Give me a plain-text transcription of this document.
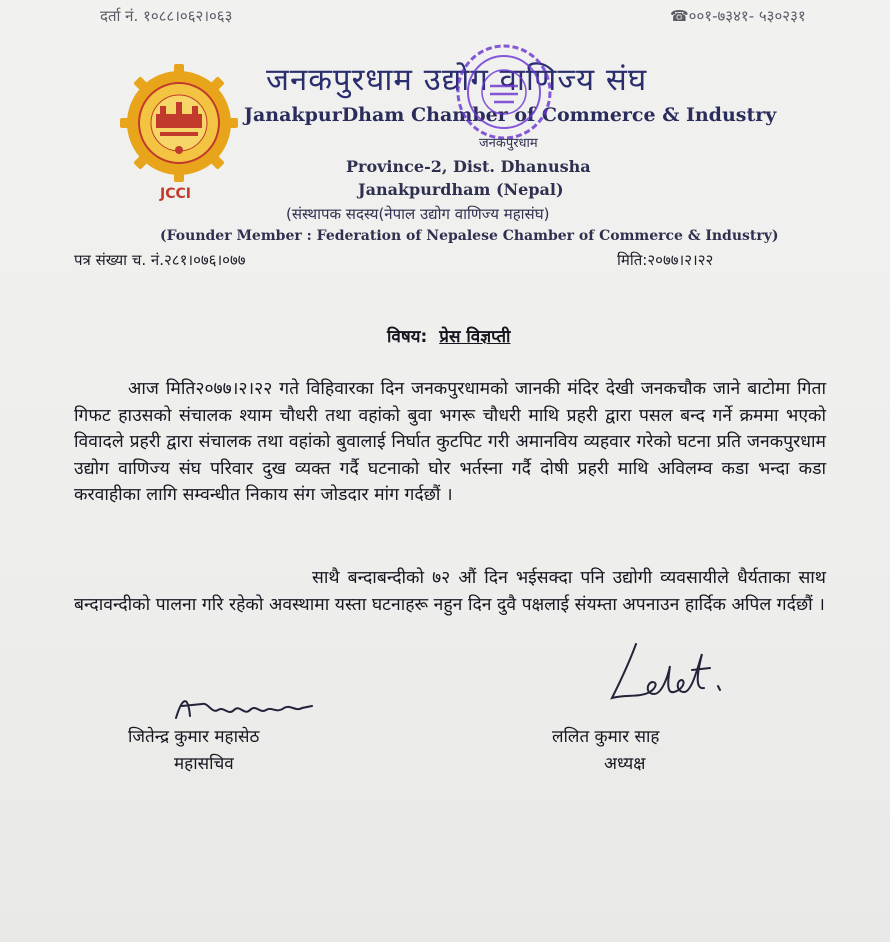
दर्ता नं. १०८८।०६२।०६३	☎००१-७३४१- ५३०२३१
JCCI
जनकपुरधाम उद्योग वाणिज्य संघ
JanakpurDham Chamber of Commerce & Industry
जनकपुरधाम
Province-2, Dist. Dhanusha
Janakpurdham (Nepal)
(संस्थापक सदस्य(नेपाल उद्योग वाणिज्य महासंघ)
(Founder Member : Federation of Nepalese Chamber of Commerce & Industry)
पत्र संख्या च. नं.२८१।०७६।०७७	मिति:२०७७।२।२२
विषय: प्रेस विज्ञप्ती
आज मिति२०७७।२।२२ गते विहिवारका दिन जनकपुरधामको जानकी मंदिर देखी जनकचौक जाने बाटोमा गिता गिफट हाउसको संचालक श्याम चौधरी तथा वहांको बुवा भगरू चौधरी माथि प्रहरी द्वारा पसल बन्द गर्ने क्रममा भएको विवादले प्रहरी द्वारा संचालक तथा वहांको बुवालाई निर्घात कुटपिट गरी अमानविय व्यहवार गरेको घटना प्रति जनकपुरधाम उद्योग वाणिज्य संघ परिवार दुख व्यक्त गर्दै घटनाको घोर भर्तस्ना गर्दै दोषी प्रहरी माथि अविलम्व कडा भन्दा कडा करवाहीका लागि सम्वन्धीत निकाय संग जोडदार मांग गर्दछौं ।
साथै बन्दाबन्दीको ७२ औं दिन भईसक्दा पनि उद्योगी व्यवसायीले धैर्यताका साथ बन्दावन्दीको पालना गरि रहेको अवस्थामा यस्ता घटनाहरू नहुन दिन दुवै पक्षलाई संयम्ता अपनाउन हार्दिक अपिल गर्दछौं ।
जितेन्द्र कुमार महासेठ
महासचिव
ललित कुमार साह
अध्यक्ष
